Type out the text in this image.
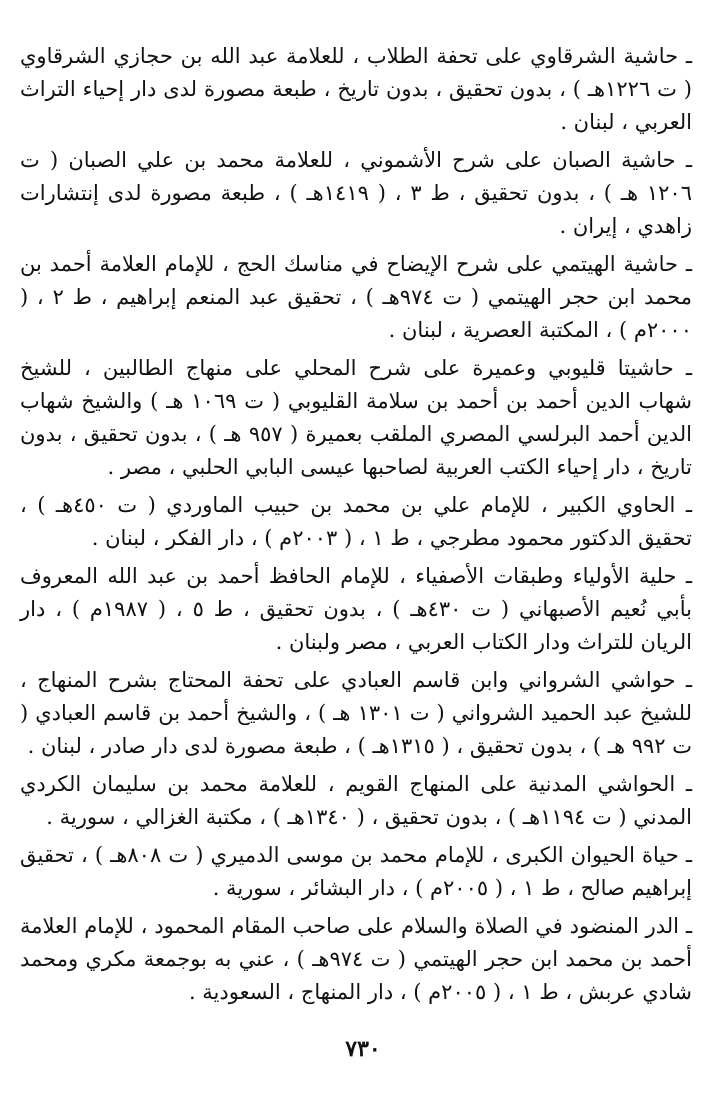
ـ حاشية الشرقاوي على تحفة الطلاب ، للعلامة عبد الله بن حجازي الشرقاوي ( ت ١٢٢٦هـ ) ، بدون تحقيق ، بدون تاريخ ، طبعة مصورة لدى دار إحياء التراث العربي ، لبنان .

ـ حاشية الصبان على شرح الأشموني ، للعلامة محمد بن علي الصبان ( ت ١٢٠٦ هـ ) ، بدون تحقيق ، ط ٣ ، ( ١٤١٩هـ ) ، طبعة مصورة لدى إنتشارات زاهدي ، إيران .

ـ حاشية الهيتمي على شرح الإيضاح في مناسك الحج ، للإمام العلامة أحمد بن محمد ابن حجر الهيتمي ( ت ٩٧٤هـ ) ، تحقيق عبد المنعم إبراهيم ، ط ٢ ، ( ٢٠٠٠م ) ، المكتبة العصرية ، لبنان .

ـ حاشيتا قليوبي وعميرة على شرح المحلي على منهاج الطالبين ، للشيخ شهاب الدين أحمد بن أحمد بن سلامة القليوبي ( ت ١٠٦٩ هـ ) والشيخ شهاب الدين أحمد البرلسي المصري الملقب بعميرة ( ٩٥٧ هـ ) ، بدون تحقيق ، بدون تاريخ ، دار إحياء الكتب العربية لصاحبها عيسى البابي الحلبي ، مصر .

ـ الحاوي الكبير ، للإمام علي بن محمد بن حبيب الماوردي ( ت ٤٥٠هـ ) ، تحقيق الدكتور محمود مطرجي ، ط ١ ، ( ٢٠٠٣م ) ، دار الفكر ، لبنان .

ـ حلية الأولياء وطبقات الأصفياء ، للإمام الحافظ أحمد بن عبد الله المعروف بأبي نُعيم الأصبهاني ( ت ٤٣٠هـ ) ، بدون تحقيق ، ط ٥ ، ( ١٩٨٧م ) ، دار الريان للتراث ودار الكتاب العربي ، مصر ولبنان .

ـ حواشي الشرواني وابن قاسم العبادي على تحفة المحتاج بشرح المنهاج ، للشيخ عبد الحميد الشرواني ( ت ١٣٠١ هـ ) ، والشيخ أحمد بن قاسم العبادي ( ت ٩٩٢ هـ ) ، بدون تحقيق ، ( ١٣١٥هـ ) ، طبعة مصورة لدى دار صادر ، لبنان .

ـ الحواشي المدنية على المنهاج القويم ، للعلامة محمد بن سليمان الكردي المدني ( ت ١١٩٤هـ ) ، بدون تحقيق ، ( ١٣٤٠هـ ) ، مكتبة الغزالي ، سورية .

ـ حياة الحيوان الكبرى ، للإمام محمد بن موسى الدميري ( ت ٨٠٨هـ ) ، تحقيق إبراهيم صالح ، ط ١ ، ( ٢٠٠٥م ) ، دار البشائر ، سورية .

ـ الدر المنضود في الصلاة والسلام على صاحب المقام المحمود ، للإمام العلامة أحمد بن محمد ابن حجر الهيتمي ( ت ٩٧٤هـ ) ، عني به بوجمعة مكري ومحمد شادي عربش ، ط ١ ، ( ٢٠٠٥م ) ، دار المنهاج ، السعودية .

٧٣٠
